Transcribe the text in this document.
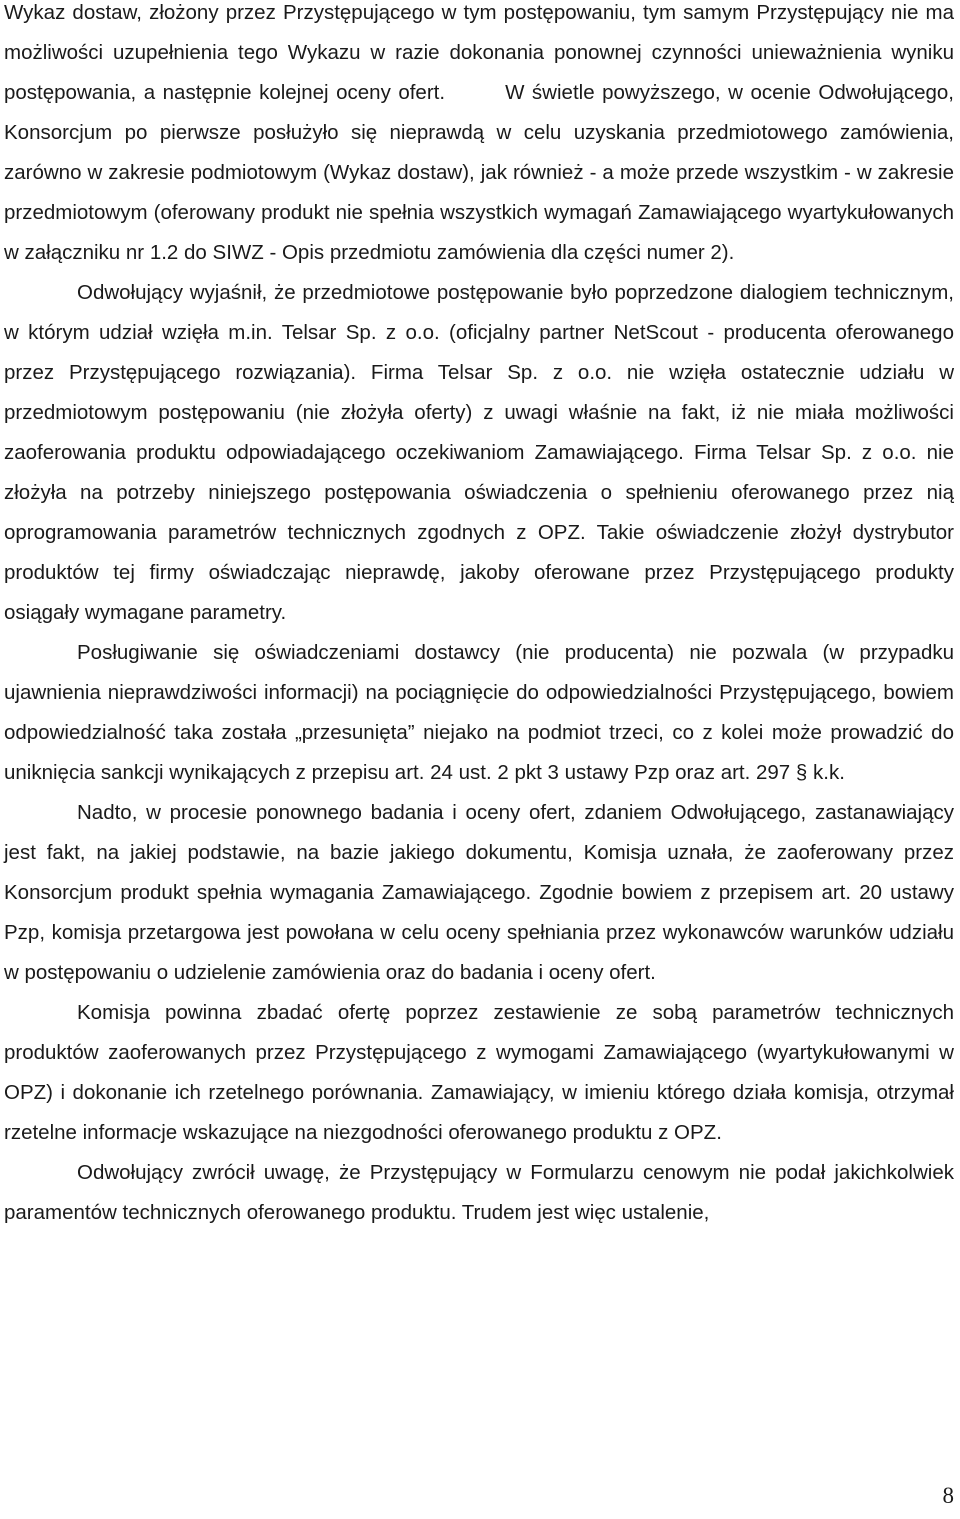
Wykaz dostaw, złożony przez Przystępującego w tym postępowaniu, tym samym Przystępujący nie ma możliwości uzupełnienia tego Wykazu w razie dokonania ponownej czynności unieważnienia wyniku postępowania, a następnie kolejnej oceny ofert.	W świetle powyższego, w ocenie Odwołującego, Konsorcjum po pierwsze posłużyło się nieprawdą w celu uzyskania przedmiotowego zamówienia, zarówno w zakresie podmiotowym (Wykaz dostaw), jak również - a może przede wszystkim - w zakresie przedmiotowym (oferowany produkt nie spełnia wszystkich wymagań Zamawiającego wyartykułowanych w załączniku nr 1.2 do SIWZ - Opis przedmiotu zamówienia dla części numer 2).

Odwołujący wyjaśnił, że przedmiotowe postępowanie było poprzedzone dialogiem technicznym, w którym udział wzięła m.in. Telsar Sp. z o.o. (oficjalny partner NetScout - producenta oferowanego przez Przystępującego rozwiązania). Firma Telsar Sp. z o.o. nie wzięła ostatecznie udziału w przedmiotowym postępowaniu (nie złożyła oferty) z uwagi właśnie na fakt, iż nie miała możliwości zaoferowania produktu odpowiadającego oczekiwaniom Zamawiającego. Firma Telsar Sp. z o.o. nie złożyła na potrzeby niniejszego postępowania oświadczenia o spełnieniu oferowanego przez nią oprogramowania parametrów technicznych zgodnych z OPZ. Takie oświadczenie złożył dystrybutor produktów tej firmy oświadczając nieprawdę, jakoby oferowane przez Przystępującego produkty osiągały wymagane parametry.

Posługiwanie się oświadczeniami dostawcy (nie producenta) nie pozwala (w przypadku ujawnienia nieprawdziwości informacji) na pociągnięcie do odpowiedzialności Przystępującego, bowiem odpowiedzialność taka została „przesunięta” niejako na podmiot trzeci, co z kolei może prowadzić do uniknięcia sankcji wynikających z przepisu art. 24 ust. 2 pkt 3 ustawy Pzp oraz art. 297 § k.k.

Nadto, w procesie ponownego badania i oceny ofert, zdaniem Odwołującego, zastanawiający jest fakt, na jakiej podstawie, na bazie jakiego dokumentu, Komisja uznała, że zaoferowany przez Konsorcjum produkt spełnia wymagania Zamawiającego. Zgodnie bowiem z przepisem art. 20 ustawy Pzp, komisja przetargowa jest powołana w celu oceny spełniania przez wykonawców warunków udziału w postępowaniu o udzielenie zamówienia oraz do badania i oceny ofert.

Komisja powinna zbadać ofertę poprzez zestawienie ze sobą parametrów technicznych produktów zaoferowanych przez Przystępującego z wymogami Zamawiającego (wyartykułowanymi w OPZ) i dokonanie ich rzetelnego porównania. Zamawiający, w imieniu którego działa komisja, otrzymał rzetelne informacje wskazujące na niezgodności oferowanego produktu z OPZ.

Odwołujący zwrócił uwagę, że Przystępujący w Formularzu cenowym nie podał jakichkolwiek paramentów technicznych oferowanego produktu. Trudem jest więc ustalenie,

8
